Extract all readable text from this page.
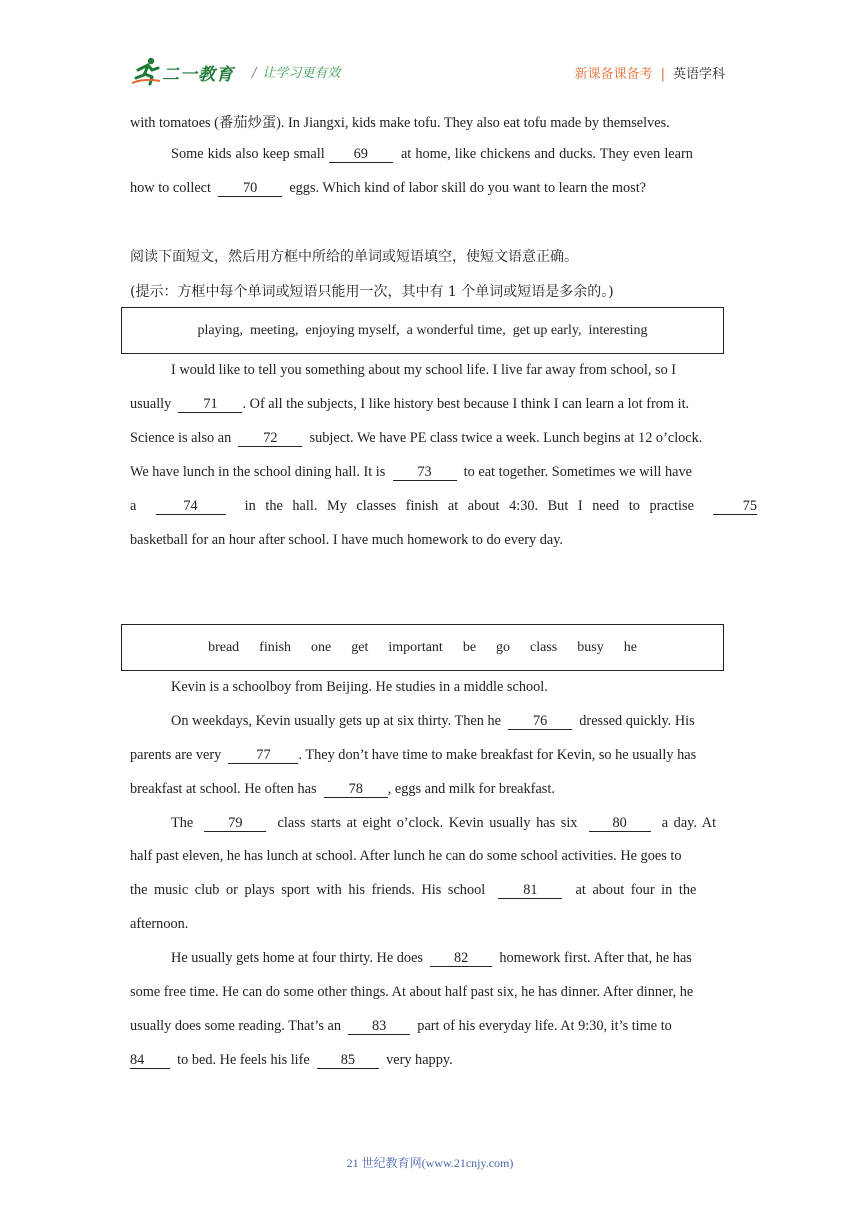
二一教育 / 让学习更有效	新课备课备考 | 英语学科
with tomatoes (番茄炒蛋). In Jiangxi, kids make tofu. They also eat tofu made by themselves.
Some kids also keep small 69 at home, like chickens and ducks. They even learn
how to collect 70 eggs. Which kind of labor skill do you want to learn the most?
阅读下面短文，然后用方框中所给的单词或短语填空，使短文语意正确。
(提示：方框中每个单词或短语只能用一次，其中有 1 个单词或短语是多余的。)
playing,  meeting,  enjoying myself,  a wonderful time,  get up early,  interesting
I would like to tell you something about my school life. I live far away from school, so I
usually 71 . Of all the subjects, I like history best because I think I can learn a lot from it.
Science is also an 72 subject. We have PE class twice a week. Lunch begins at 12 o’clock.
We have lunch in the school dining hall. It is 73 to eat together. Sometimes we will have
a	74	in the hall. My classes finish at about 4:30. But I need to practise	75
basketball for an hour after school. I have much homework to do every day.
bread finish one get important be go class busy he
Kevin is a schoolboy from Beijing. He studies in a middle school.
On weekdays, Kevin usually gets up at six thirty. Then he 76 dressed quickly. His
parents are very 77 . They don’t have time to make breakfast for Kevin, so he usually has
breakfast at school. He often has 78 , eggs and milk for breakfast.
The 79 class starts at eight o’clock. Kevin usually has six 80 a day. At
half past eleven, he has lunch at school. After lunch he can do some school activities. He goes to
the music club or plays sport with his friends. His school	81	at about four in the
afternoon.
He usually gets home at four thirty. He does 82 homework first. After that, he has
some free time. He can do some other things. At about half past six, he has dinner. After dinner, he
usually does some reading. That’s an 83 part of his everyday life. At 9:30, it’s time to
84 to bed. He feels his life 85 very happy.
21 世纪教育网(www.21cnjy.com)
